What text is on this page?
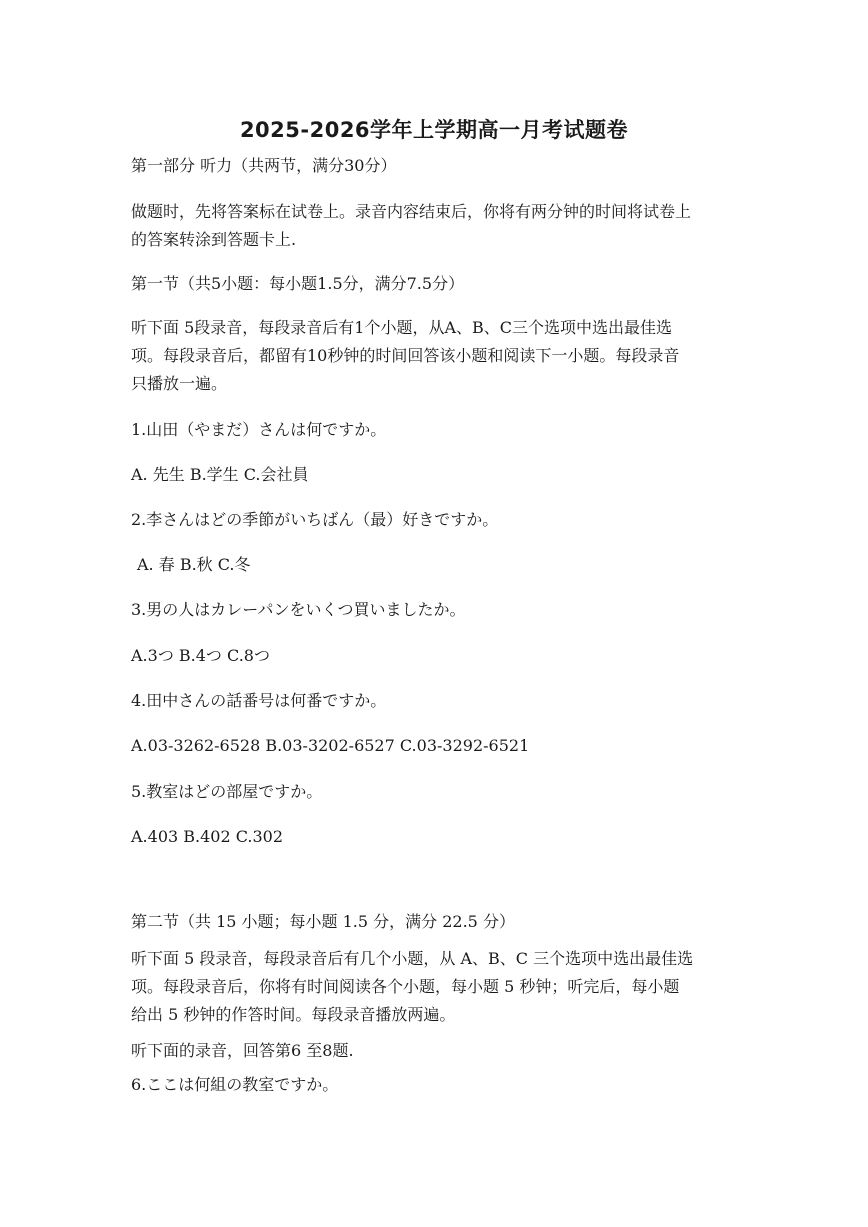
2025-2026学年上学期高一月考试题卷
第一部分 听力（共两节，满分30分）
做题时，先将答案标在试卷上。录音内容结束后，你将有两分钟的时间将试卷上
的答案转涂到答题卡上.
第一节（共5小题：每小题1.5分，满分7.5分）
听下面 5段录音，每段录音后有1个小题，从A、B、C三个选项中选出最佳选
项。每段录音后，都留有10秒钟的时间回答该小题和阅读下一小题。每段录音
只播放一遍。
1.山田（やまだ）さんは何ですか。
A. 先生 B.学生 C.会社員
2.李さんはどの季節がいちばん（最）好きですか。
A. 春 B.秋 C.冬
3.男の人はカレーパンをいくつ買いましたか。
A.3つ B.4つ C.8つ
4.田中さんの話番号は何番ですか。
A.03-3262-6528 B.03-3202-6527 C.03-3292-6521
5.教室はどの部屋ですか。
A.403 B.402 C.302
第二节（共 15 小题；每小题 1.5 分，满分 22.5 分）
听下面 5 段录音，每段录音后有几个小题，从 A、B、C 三个选项中选出最佳选
项。每段录音后，你将有时间阅读各个小题，每小题 5 秒钟；听完后，每小题
给出 5 秒钟的作答时间。每段录音播放两遍。
听下面的录音，回答第6 至8题.
6.ここは何組の教室ですか。
